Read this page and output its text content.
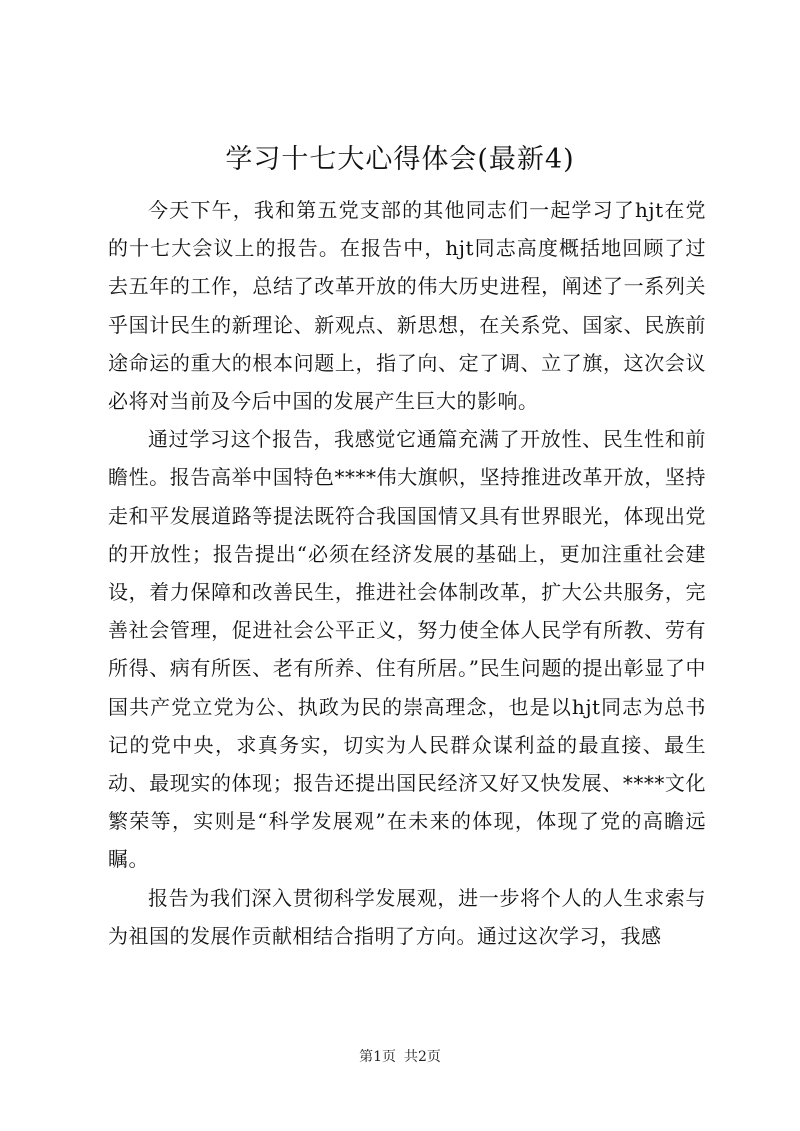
学习十七大心得体会(最新4)

今天下午，我和第五党支部的其他同志们一起学习了hjt在党的十七大会议上的报告。在报告中，hjt同志高度概括地回顾了过去五年的工作，总结了改革开放的伟大历史进程，阐述了一系列关乎国计民生的新理论、新观点、新思想，在关系党、国家、民族前途命运的重大的根本问题上，指了向、定了调、立了旗，这次会议必将对当前及今后中国的发展产生巨大的影响。

通过学习这个报告，我感觉它通篇充满了开放性、民生性和前瞻性。报告高举中国特色****伟大旗帜，坚持推进改革开放，坚持走和平发展道路等提法既符合我国国情又具有世界眼光，体现出党的开放性；报告提出“必须在经济发展的基础上，更加注重社会建设，着力保障和改善民生，推进社会体制改革，扩大公共服务，完善社会管理，促进社会公平正义，努力使全体人民学有所教、劳有所得、病有所医、老有所养、住有所居。”民生问题的提出彰显了中国共产党立党为公、执政为民的崇高理念，也是以hjt同志为总书记的党中央，求真务实，切实为人民群众谋利益的最直接、最生动、最现实的体现；报告还提出国民经济又好又快发展、****文化繁荣等，实则是“科学发展观”在未来的体现，体现了党的高瞻远瞩。

报告为我们深入贯彻科学发展观，进一步将个人的人生求索与为祖国的发展作贡献相结合指明了方向。通过这次学习，我感

第1页 共2页
